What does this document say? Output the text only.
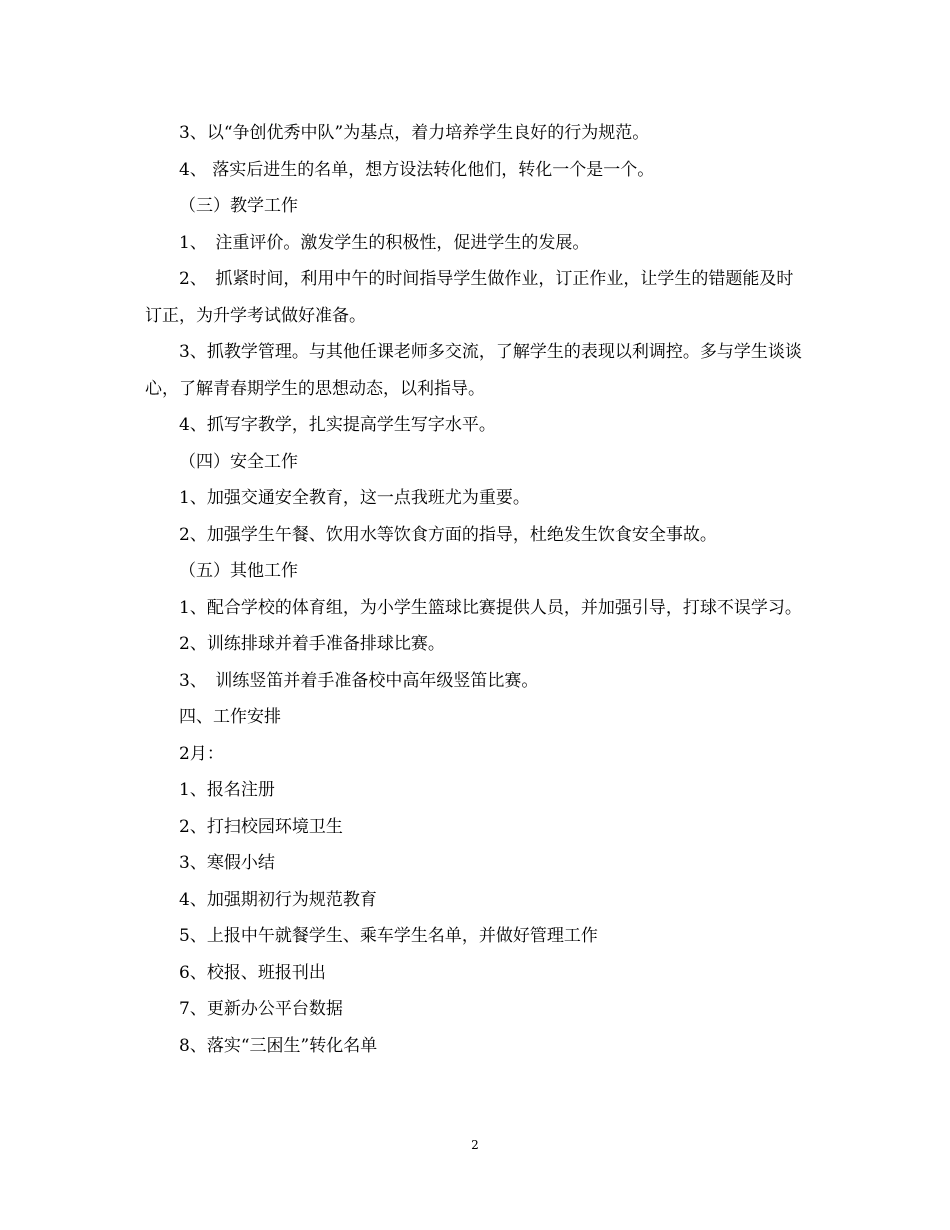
3、以“争创优秀中队”为基点，着力培养学生良好的行为规范。

4、 落实后进生的名单，想方设法转化他们，转化一个是一个。

（三）教学工作

1、　注重评价。激发学生的积极性，促进学生的发展。

2、　抓紧时间，利用中午的时间指导学生做作业，订正作业，让学生的错题能及时订正，为升学考试做好准备。

3、抓教学管理。与其他任课老师多交流，了解学生的表现以利调控。多与学生谈谈心，了解青春期学生的思想动态，以利指导。

4、抓写字教学，扎实提高学生写字水平。

（四）安全工作

1、加强交通安全教育，这一点我班尤为重要。

2、加强学生午餐、饮用水等饮食方面的指导，杜绝发生饮食安全事故。

（五）其他工作

1、配合学校的体育组，为小学生篮球比赛提供人员，并加强引导，打球不误学习。

2、训练排球并着手准备排球比赛。

3、　训练竖笛并着手准备校中高年级竖笛比赛。

四、工作安排

2月：

1、报名注册

2、打扫校园环境卫生

3、寒假小结

4、加强期初行为规范教育

5、上报中午就餐学生、乘车学生名单，并做好管理工作

6、校报、班报刊出

7、更新办公平台数据

8、落实“三困生”转化名单

2
